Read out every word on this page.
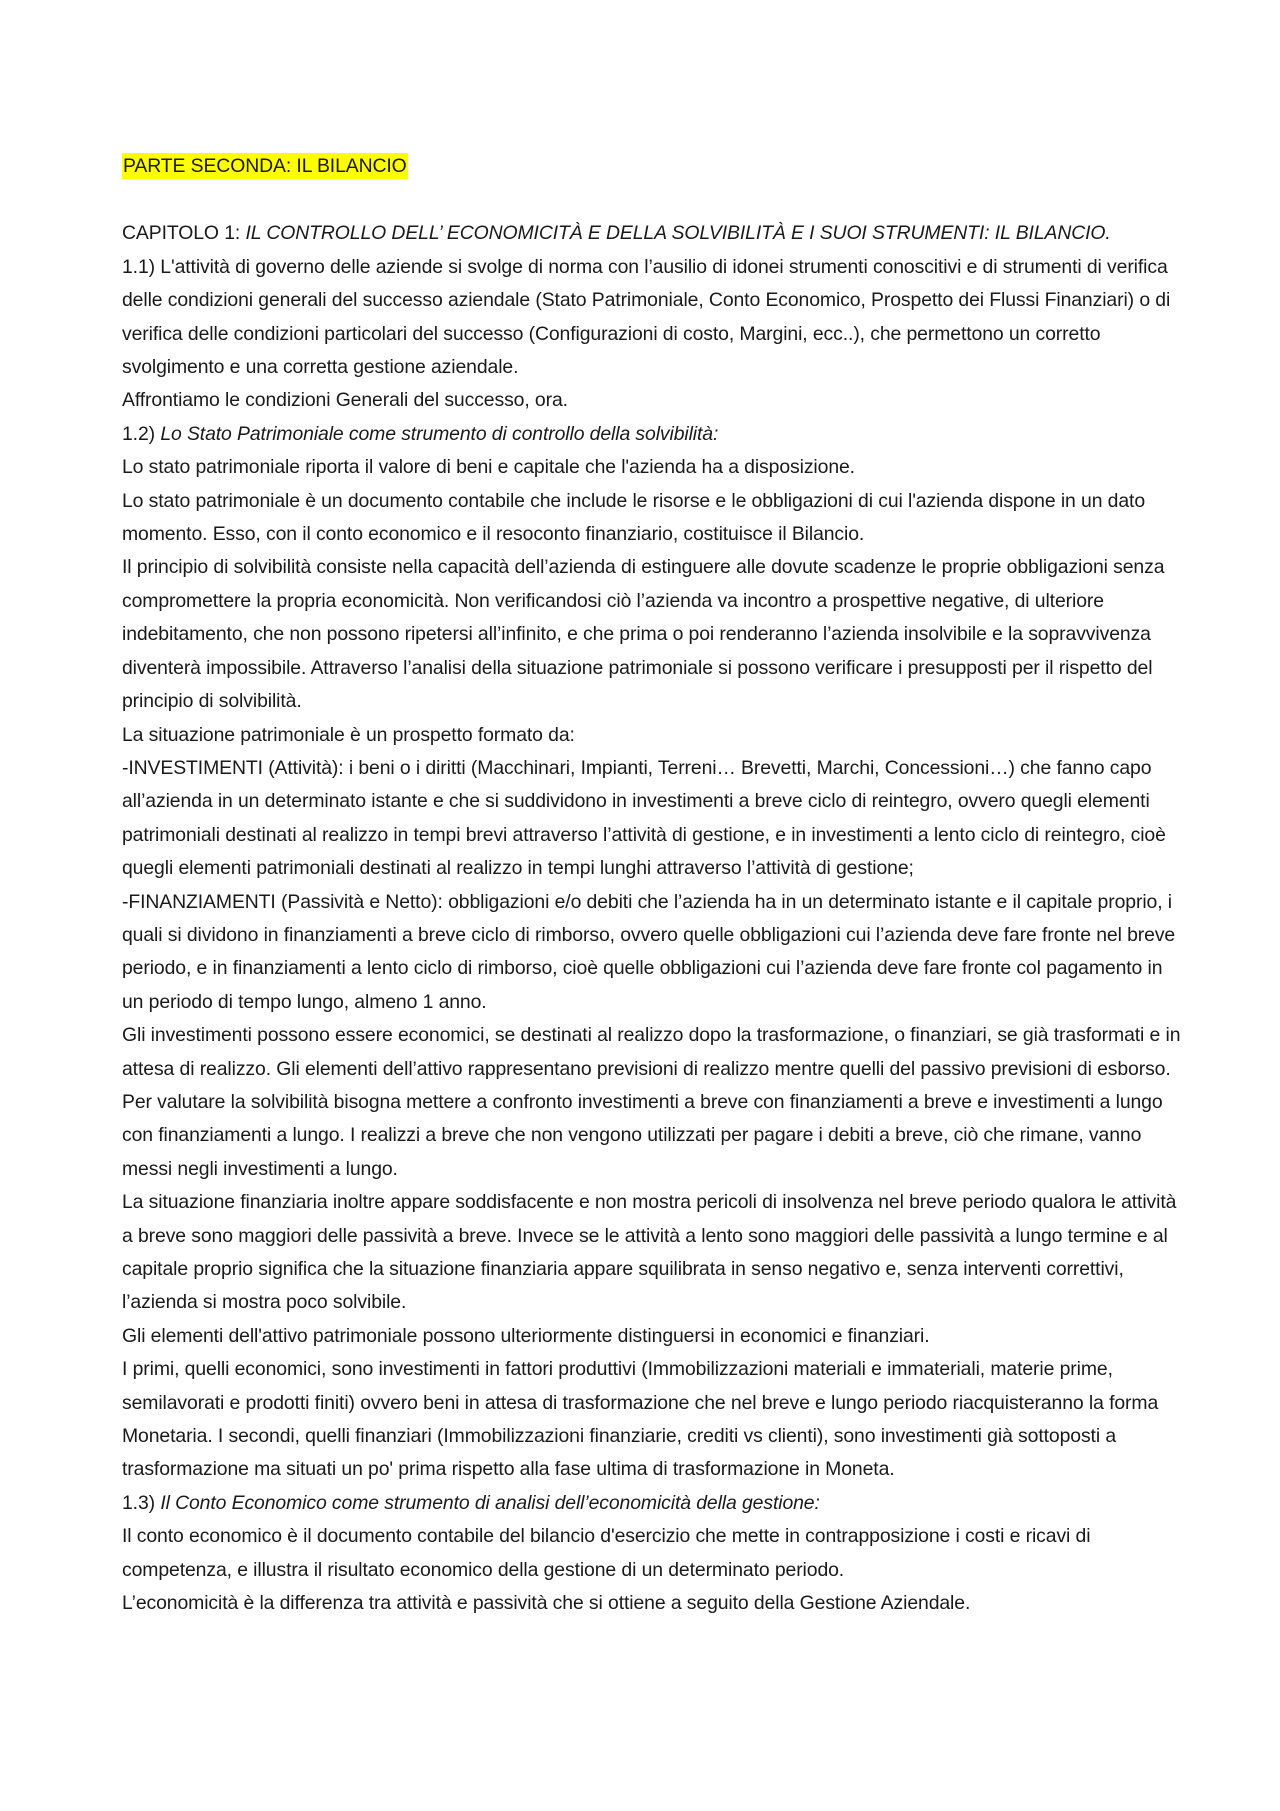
PARTE SECONDA: IL BILANCIO

CAPITOLO 1: IL CONTROLLO DELL’ ECONOMICITÀ E DELLA SOLVIBILITÀ E I SUOI STRUMENTI: IL BILANCIO.

1.1) L'attività di governo delle aziende si svolge di norma con l’ausilio di idonei strumenti conoscitivi e di strumenti di verifica delle condizioni generali del successo aziendale (Stato Patrimoniale, Conto Economico, Prospetto dei Flussi Finanziari) o di verifica delle condizioni particolari del successo (Configurazioni di costo, Margini, ecc..), che permettono un corretto svolgimento e una corretta gestione aziendale.

Affrontiamo le condizioni Generali del successo, ora.

1.2) Lo Stato Patrimoniale come strumento di controllo della solvibilità:

Lo stato patrimoniale riporta il valore di beni e capitale che l'azienda ha a disposizione.

Lo stato patrimoniale è un documento contabile che include le risorse e le obbligazioni di cui l'azienda dispone in un dato momento. Esso, con il conto economico e il resoconto finanziario, costituisce il Bilancio.

Il principio di solvibilità consiste nella capacità dell’azienda di estinguere alle dovute scadenze le proprie obbligazioni senza compromettere la propria economicità. Non verificandosi ciò l’azienda va incontro a prospettive negative, di ulteriore indebitamento, che non possono ripetersi all’infinito, e che prima o poi renderanno l’azienda insolvibile e la sopravvivenza diventerà impossibile. Attraverso l’analisi della situazione patrimoniale si possono verificare i presupposti per il rispetto del principio di solvibilità.

La situazione patrimoniale è un prospetto formato da:

-INVESTIMENTI (Attività): i beni o i diritti (Macchinari, Impianti, Terreni… Brevetti, Marchi, Concessioni…) che fanno capo all’azienda in un determinato istante e che si suddividono in investimenti a breve ciclo di reintegro, ovvero quegli elementi patrimoniali destinati al realizzo in tempi brevi attraverso l’attività di gestione, e in investimenti a lento ciclo di reintegro, cioè quegli elementi patrimoniali destinati al realizzo in tempi lunghi attraverso l’attività di gestione;

-FINANZIAMENTI (Passività e Netto): obbligazioni e/o debiti che l’azienda ha in un determinato istante e il capitale proprio, i quali si dividono in finanziamenti a breve ciclo di rimborso, ovvero quelle obbligazioni cui l’azienda deve fare fronte nel breve periodo, e in finanziamenti a lento ciclo di rimborso, cioè quelle obbligazioni cui l’azienda deve fare fronte col pagamento in un periodo di tempo lungo, almeno 1 anno.

Gli investimenti possono essere economici, se destinati al realizzo dopo la trasformazione, o finanziari, se già trasformati e in attesa di realizzo. Gli elementi dell’attivo rappresentano previsioni di realizzo mentre quelli del passivo previsioni di esborso. Per valutare la solvibilità bisogna mettere a confronto investimenti a breve con finanziamenti a breve e investimenti a lungo con finanziamenti a lungo. I realizzi a breve che non vengono utilizzati per pagare i debiti a breve, ciò che rimane, vanno messi negli investimenti a lungo.

La situazione finanziaria inoltre appare soddisfacente e non mostra pericoli di insolvenza nel breve periodo qualora le attività a breve sono maggiori delle passività a breve. Invece se le attività a lento sono maggiori delle passività a lungo termine e al capitale proprio significa che la situazione finanziaria appare squilibrata in senso negativo e, senza interventi correttivi, l’azienda si mostra poco solvibile.

Gli elementi dell'attivo patrimoniale possono ulteriormente distinguersi in economici e finanziari.

I primi, quelli economici, sono investimenti in fattori produttivi (Immobilizzazioni materiali e immateriali, materie prime, semilavorati e prodotti finiti) ovvero beni in attesa di trasformazione che nel breve e lungo periodo riacquisteranno la forma Monetaria. I secondi, quelli finanziari (Immobilizzazioni finanziarie, crediti vs clienti), sono investimenti già sottoposti a trasformazione ma situati un po' prima rispetto alla fase ultima di trasformazione in Moneta.

1.3) Il Conto Economico come strumento di analisi dell’economicità della gestione:

Il conto economico è il documento contabile del bilancio d'esercizio che mette in contrapposizione i costi e ricavi di competenza, e illustra il risultato economico della gestione di un determinato periodo.

L’economicità è la differenza tra attività e passività che si ottiene a seguito della Gestione Aziendale.
